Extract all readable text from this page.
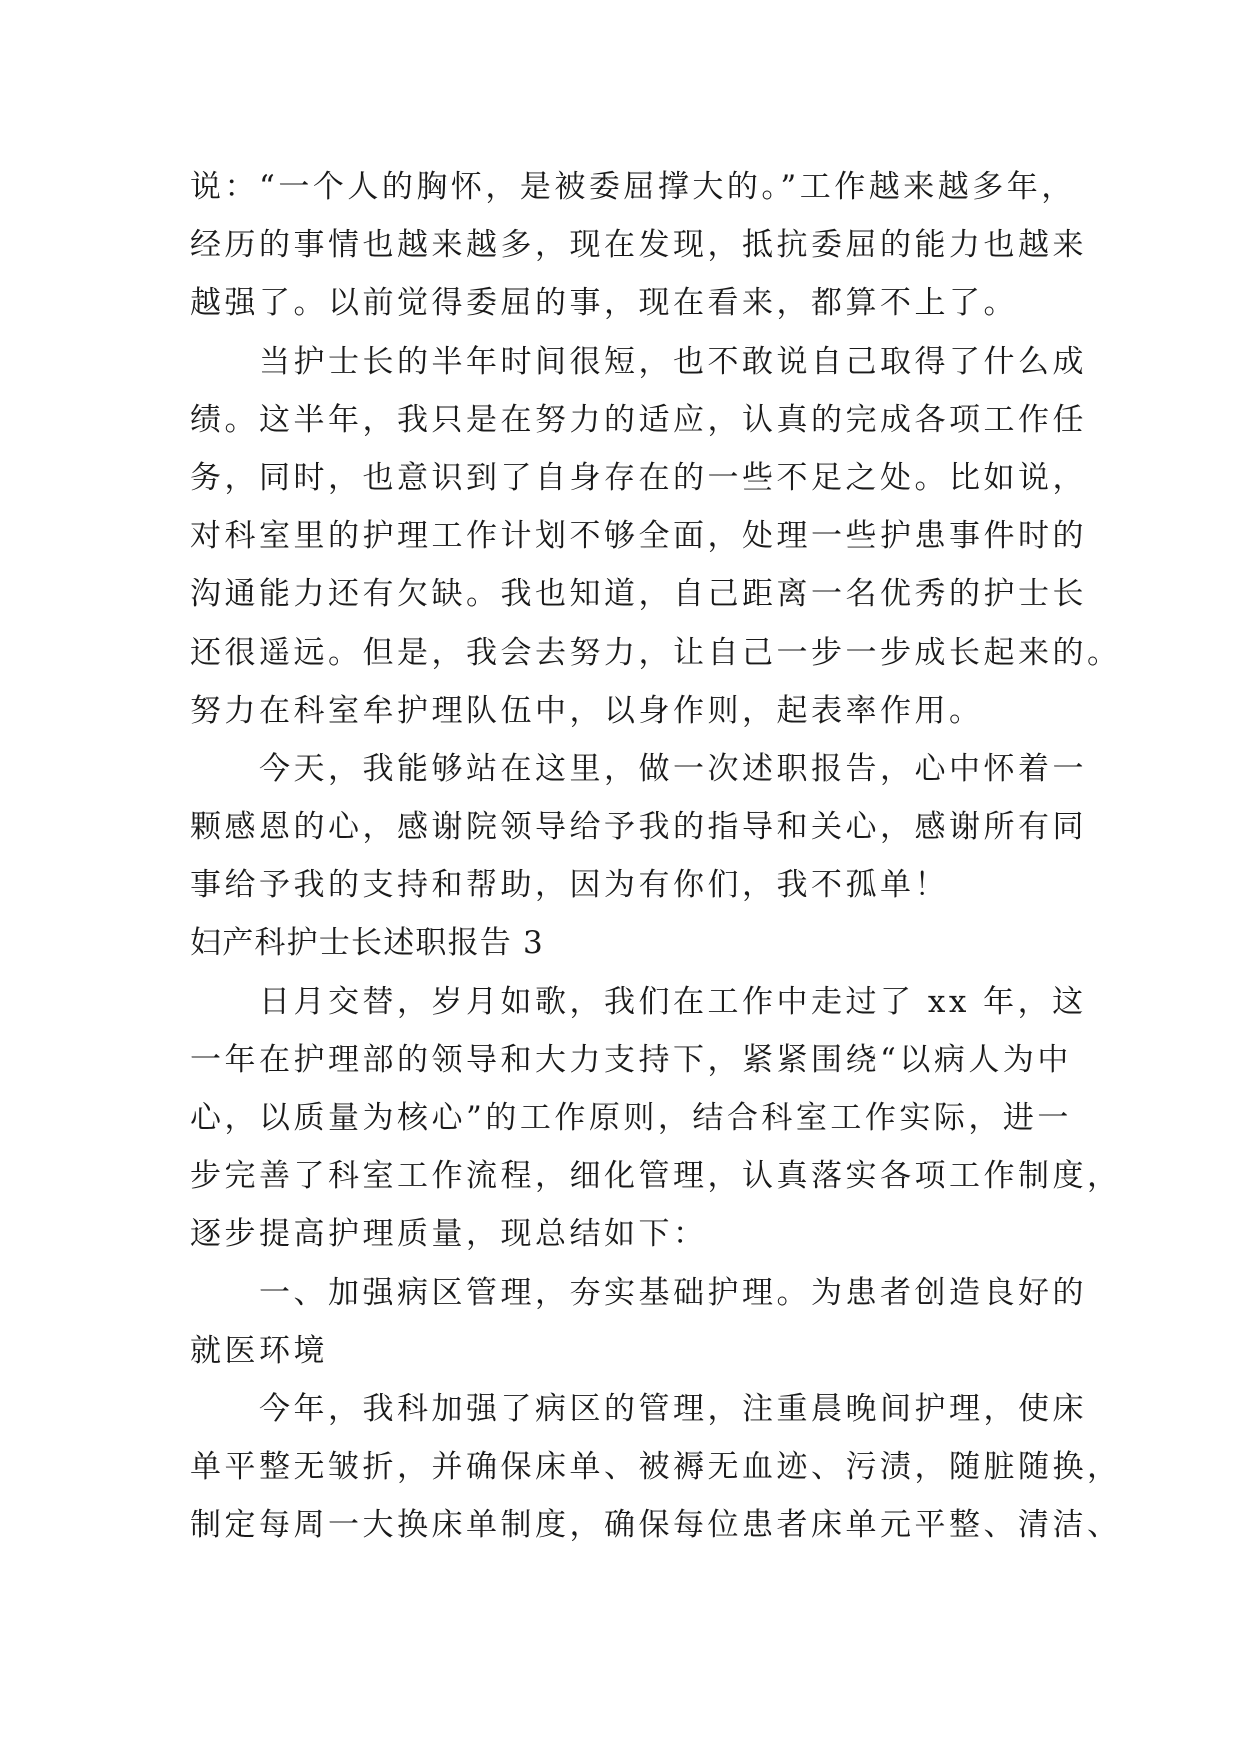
说：“一个人的胸怀，是被委屈撑大的。”工作越来越多年，
经历的事情也越来越多，现在发现，抵抗委屈的能力也越来
越强了。以前觉得委屈的事，现在看来，都算不上了。
当护士长的半年时间很短，也不敢说自己取得了什么成
绩。这半年，我只是在努力的适应，认真的完成各项工作任
务，同时，也意识到了自身存在的一些不足之处。比如说，
对科室里的护理工作计划不够全面，处理一些护患事件时的
沟通能力还有欠缺。我也知道，自己距离一名优秀的护士长
还很遥远。但是，我会去努力，让自己一步一步成长起来的。
努力在科室牟护理队伍中，以身作则，起表率作用。
今天，我能够站在这里，做一次述职报告，心中怀着一
颗感恩的心，感谢院领导给予我的指导和关心，感谢所有同
事给予我的支持和帮助，因为有你们，我不孤单！
妇产科护士长述职报告 3
日月交替，岁月如歌，我们在工作中走过了 xx 年，这
一年在护理部的领导和大力支持下，紧紧围绕“以病人为中
心，以质量为核心”的工作原则，结合科室工作实际，进一
步完善了科室工作流程，细化管理，认真落实各项工作制度，
逐步提高护理质量，现总结如下：
一、加强病区管理，夯实基础护理。为患者创造良好的
就医环境
今年，我科加强了病区的管理，注重晨晚间护理，使床
单平整无皱折，并确保床单、被褥无血迹、污渍，随脏随换，
制定每周一大换床单制度，确保每位患者床单元平整、清洁、
